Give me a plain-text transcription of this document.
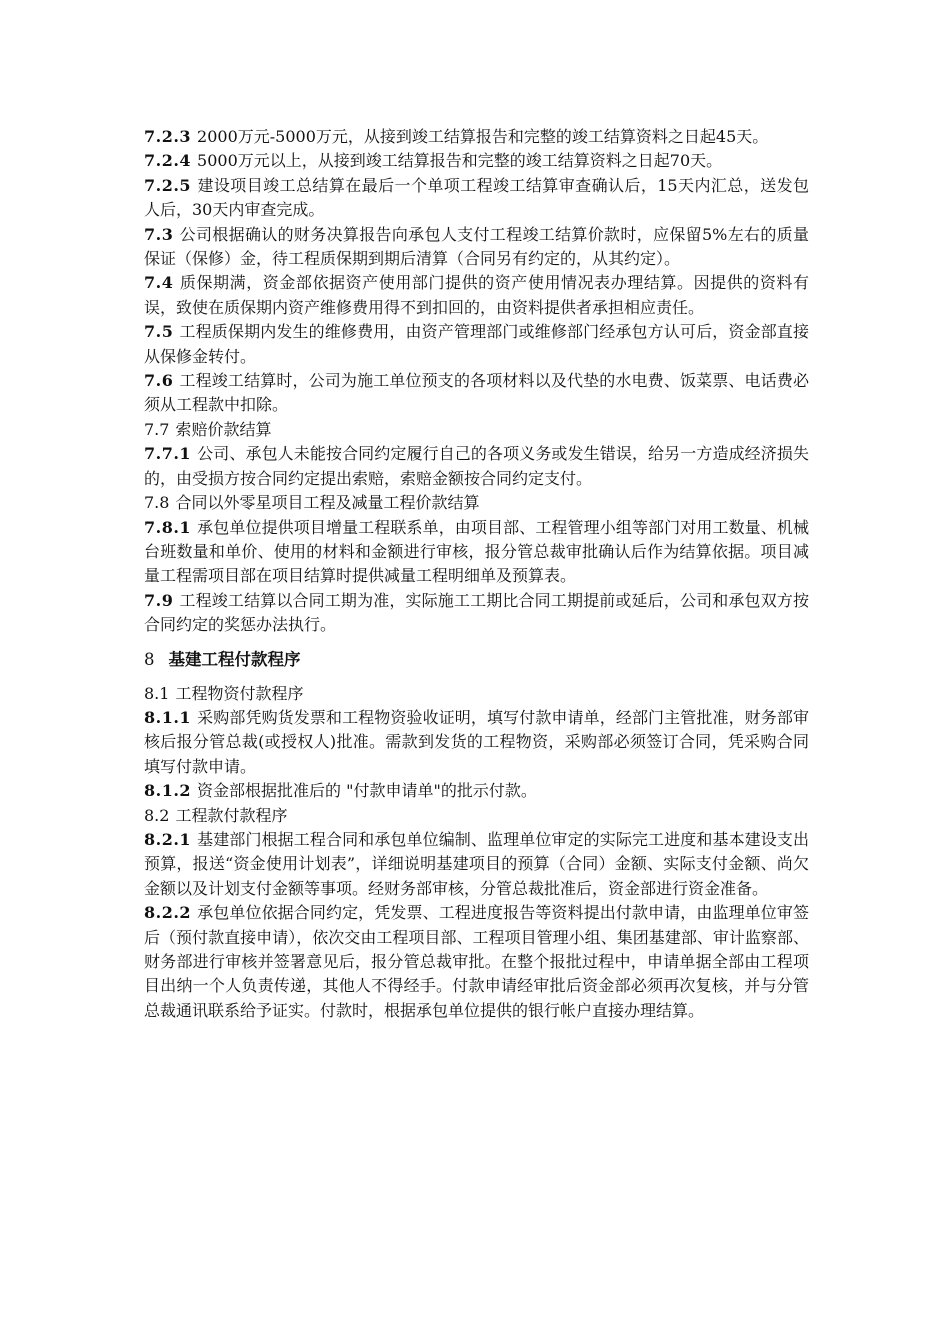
7.2.3 2000万元-5000万元，从接到竣工结算报告和完整的竣工结算资料之日起45天。

7.2.4 5000万元以上，从接到竣工结算报告和完整的竣工结算资料之日起70天。

7.2.5 建设项目竣工总结算在最后一个单项工程竣工结算审查确认后，15天内汇总，送发包人后，30天内审查完成。

7.3 公司根据确认的财务决算报告向承包人支付工程竣工结算价款时，应保留5%左右的质量保证（保修）金，待工程质保期到期后清算（合同另有约定的，从其约定）。

7.4 质保期满，资金部依据资产使用部门提供的资产使用情况表办理结算。因提供的资料有误，致使在质保期内资产维修费用得不到扣回的，由资料提供者承担相应责任。

7.5 工程质保期内发生的维修费用，由资产管理部门或维修部门经承包方认可后，资金部直接从保修金转付。

7.6 工程竣工结算时，公司为施工单位预支的各项材料以及代垫的水电费、饭菜票、电话费必须从工程款中扣除。

7.7 索赔价款结算

7.7.1 公司、承包人未能按合同约定履行自己的各项义务或发生错误，给另一方造成经济损失的，由受损方按合同约定提出索赔，索赔金额按合同约定支付。

7.8 合同以外零星项目工程及减量工程价款结算

7.8.1 承包单位提供项目增量工程联系单，由项目部、工程管理小组等部门对用工数量、机械台班数量和单价、使用的材料和金额进行审核，报分管总裁审批确认后作为结算依据。项目减量工程需项目部在项目结算时提供减量工程明细单及预算表。

7.9 工程竣工结算以合同工期为准，实际施工工期比合同工期提前或延后，公司和承包双方按合同约定的奖惩办法执行。

8 基建工程付款程序

8.1 工程物资付款程序

8.1.1 采购部凭购货发票和工程物资验收证明，填写付款申请单，经部门主管批准，财务部审核后报分管总裁(或授权人)批准。需款到发货的工程物资，采购部必须签订合同，凭采购合同填写付款申请。

8.1.2 资金部根据批准后的 "付款申请单"的批示付款。

8.2 工程款付款程序

8.2.1 基建部门根据工程合同和承包单位编制、监理单位审定的实际完工进度和基本建设支出预算，报送“资金使用计划表”，详细说明基建项目的预算（合同）金额、实际支付金额、尚欠金额以及计划支付金额等事项。经财务部审核，分管总裁批准后，资金部进行资金准备。

8.2.2 承包单位依据合同约定，凭发票、工程进度报告等资料提出付款申请，由监理单位审签后（预付款直接申请），依次交由工程项目部、工程项目管理小组、集团基建部、审计监察部、财务部进行审核并签署意见后，报分管总裁审批。在整个报批过程中，申请单据全部由工程项目出纳一个人负责传递，其他人不得经手。付款申请经审批后资金部必须再次复核，并与分管总裁通讯联系给予证实。付款时，根据承包单位提供的银行帐户直接办理结算。
